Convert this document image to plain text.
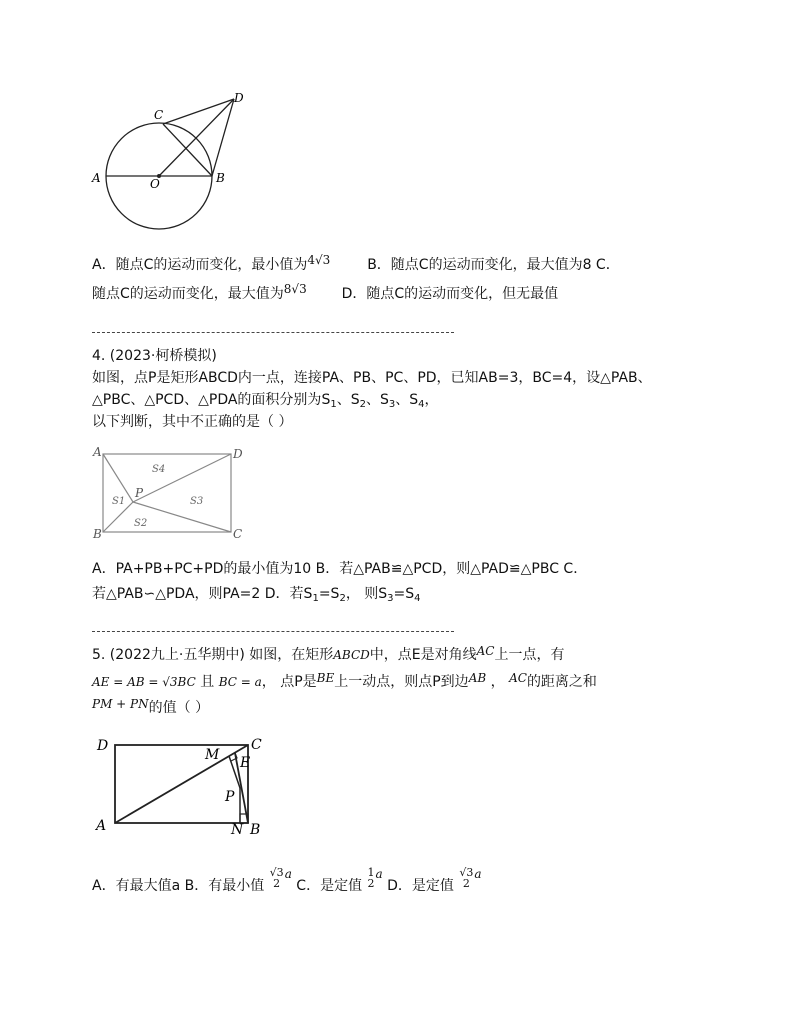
A	O	B
C
D
A．随点C的运动而变化，最小值为4√3	B．随点C的运动而变化，最大值为8 C．
随点C的运动而变化，最大值为8√3 D．随点C的运动而变化，但无最值
4. (2023·柯桥模拟)
如图，点P是矩形ABCD内一点，连接PA、PB、PC、PD，已知AB=3，BC=4，设△PAB、
△PBC、△PCD、△PDA的面积分别为$S_1$、$S_2$、$S_3$、$S_4$，
以下判断，其中不正确的是（ ）
A
B	C
D
P
S1
S2
S3
S4
A．PA+PB+PC+PD的最小值为10 B．若△PAB≌△PCD，则△PAD≌△PBC C．
若△PAB∽△PDA，则PA=2 D．若$S_1=S_2$， 则$S_3=S_4$
5. (2022九上·五华期中) 如图，在矩形ABCD中，点E是对角线AC上一点，有
AE = AB = √3BC 且 BC = a， 点P是BE上一动点，则点P到边AB ， AC的距离之和
PM + PN的值（ ）
D
A
C
B
N
M E
P
A．有最大值a B．有最小值
√3
2
a C．是定值
1
2
a D．是定值
√3
2
a
